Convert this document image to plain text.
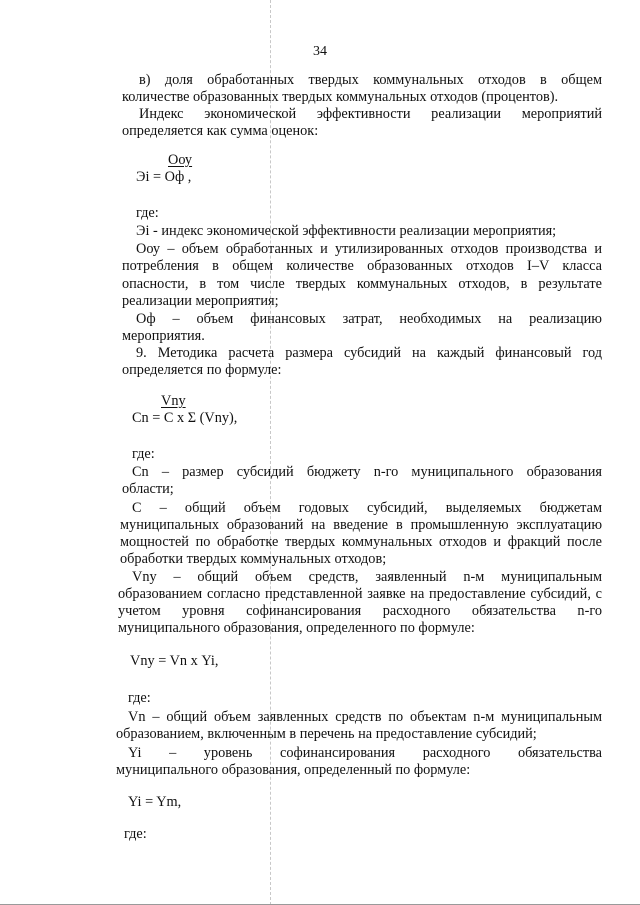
34
в) доля обработанных твердых коммунальных отходов в общем
количестве образованных твердых коммунальных отходов (процентов).
Индекс экономической эффективности реализации мероприятий
определяется как сумма оценок:
Ооу
Эi = Оф ,
где:
Эi - индекс экономической эффективности реализации мероприятия;
Ооу – объем обработанных и утилизированных отходов производства и
потребления в общем количестве образованных отходов I–V класса
опасности, в том числе твердых коммунальных отходов, в результате
реализации мероприятия;
Оф – объем финансовых затрат, необходимых на реализацию
мероприятия.
9. Методика расчета размера субсидий на каждый финансовый год
определяется по формуле:
Vny
Сn = С х Σ (Vny),
где:
Сn – размер субсидий бюджету n-го муниципального образования
области;
С – общий объем годовых субсидий, выделяемых бюджетам
муниципальных образований на введение в промышленную эксплуатацию
мощностей по обработке твердых коммунальных отходов и фракций после
обработки твердых коммунальных отходов;
Vny – общий объем средств, заявленный n-м муниципальным
образованием согласно представленной заявке на предоставление субсидий, с
учетом уровня софинансирования расходного обязательства n-го
муниципального образования, определенного по формуле:
Vny = Vn х Yi,
где:
Vn – общий объем заявленных средств по объектам n-м муниципальным
образованием, включенным в перечень на предоставление субсидий;
Yi – уровень софинансирования расходного обязательства
муниципального образования, определенный по формуле:
Yi = Ym,
где:
